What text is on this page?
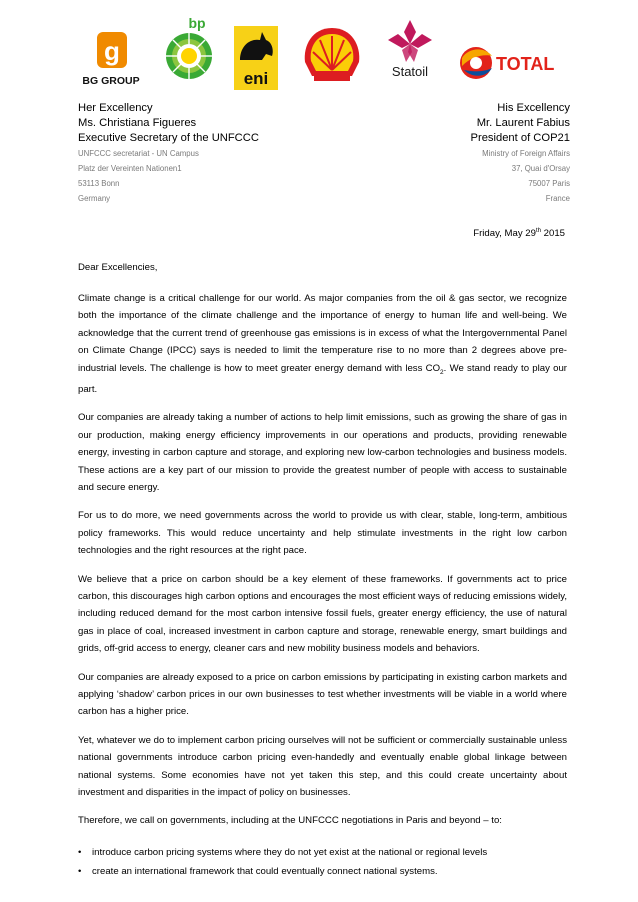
g
BG GROUP
bp
eni	Statoil	TOTAL
Her Excellency
Ms. Christiana Figueres
Executive Secretary of the UNFCCC
UNFCCC secretariat - UN Campus
Platz der Vereinten Nationen1
53113 Bonn
Germany
His Excellency
Mr. Laurent Fabius
President of COP21
Ministry of Foreign Affairs
37, Quai d'Orsay
75007 Paris
France
Friday, May 29th 2015
Dear Excellencies,

Climate change is a critical challenge for our world. As major companies from the oil & gas sector, we recognize both the importance of the climate challenge and the importance of energy to human life and well-being. We acknowledge that the current trend of greenhouse gas emissions is in excess of what the Intergovernmental Panel on Climate Change (IPCC) says is needed to limit the temperature rise to no more than 2 degrees above pre-industrial levels. The challenge is how to meet greater energy demand with less $CO_2$. We stand ready to play our part.

Our companies are already taking a number of actions to help limit emissions, such as growing the share of gas in our production, making energy efficiency improvements in our operations and products, providing renewable energy, investing in carbon capture and storage, and exploring new low-carbon technologies and business models. These actions are a key part of our mission to provide the greatest number of people with access to sustainable and secure energy.

For us to do more, we need governments across the world to provide us with clear, stable, long-term, ambitious policy frameworks. This would reduce uncertainty and help stimulate investments in the right low carbon technologies and the right resources at the right pace.

We believe that a price on carbon should be a key element of these frameworks. If governments act to price carbon, this discourages high carbon options and encourages the most efficient ways of reducing emissions widely, including reduced demand for the most carbon intensive fossil fuels, greater energy efficiency, the use of natural gas in place of coal, increased investment in carbon capture and storage, renewable energy, smart buildings and grids, off-grid access to energy, cleaner cars and new mobility business models and behaviors.

Our companies are already exposed to a price on carbon emissions by participating in existing carbon markets and applying ‘shadow’ carbon prices in our own businesses to test whether investments will be viable in a world where carbon has a higher price.

Yet, whatever we do to implement carbon pricing ourselves will not be sufficient or commercially sustainable unless national governments introduce carbon pricing even-handedly and eventually enable global linkage between national systems. Some economies have not yet taken this step, and this could create uncertainty about investment and disparities in the impact of policy on businesses.

Therefore, we call on governments, including at the UNFCCC negotiations in Paris and beyond – to:

• introduce carbon pricing systems where they do not yet exist at the national or regional levels
• create an international framework that could eventually connect national systems.
